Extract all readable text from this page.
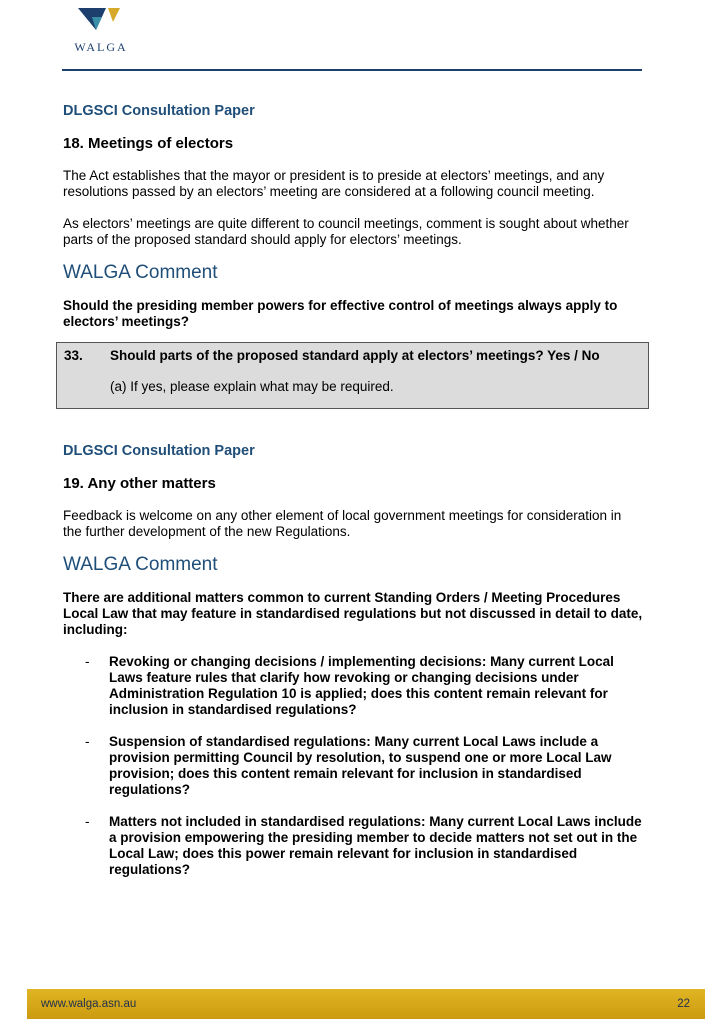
WALGA

DLGSCI Consultation Paper

18. Meetings of electors

The Act establishes that the mayor or president is to preside at electors’ meetings, and any resolutions passed by an electors’ meeting are considered at a following council meeting.

As electors’ meetings are quite different to council meetings, comment is sought about whether parts of the proposed standard should apply for electors’ meetings.

WALGA Comment

Should the presiding member powers for effective control of meetings always apply to electors’ meetings?

33.	Should parts of the proposed standard apply at electors’ meetings? Yes / No
(a) If yes, please explain what may be required.

DLGSCI Consultation Paper

19. Any other matters

Feedback is welcome on any other element of local government meetings for consideration in the further development of the new Regulations.

WALGA Comment

There are additional matters common to current Standing Orders / Meeting Procedures Local Law that may feature in standardised regulations but not discussed in detail to date, including:

-	Revoking or changing decisions / implementing decisions: Many current Local Laws feature rules that clarify how revoking or changing decisions under Administration Regulation 10 is applied; does this content remain relevant for inclusion in standardised regulations?
-	Suspension of standardised regulations: Many current Local Laws include a provision permitting Council by resolution, to suspend one or more Local Law provision; does this content remain relevant for inclusion in standardised regulations?
-	Matters not included in standardised regulations: Many current Local Laws include a provision empowering the presiding member to decide matters not set out in the Local Law; does this power remain relevant for inclusion in standardised regulations?
www.walga.asn.au	22
